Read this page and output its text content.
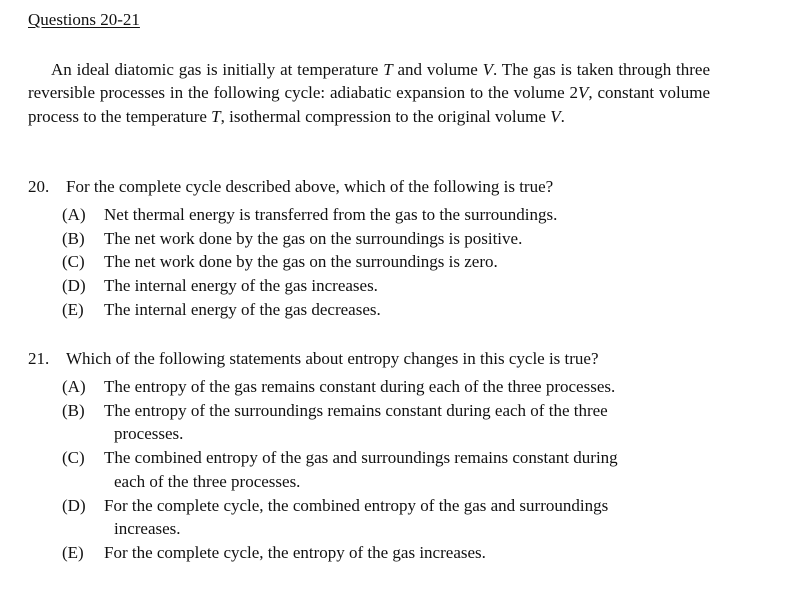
Questions 20-21

An ideal diatomic gas is initially at temperature T and volume V. The gas is taken through three reversible processes in the following cycle: adiabatic expansion to the volume 2V, constant volume process to the temperature T, isothermal compression to the original volume V.

20. For the complete cycle described above, which of the following is true?
(A)	Net thermal energy is transferred from the gas to the surroundings.
(B)	The net work done by the gas on the surroundings is positive.
(C)	The net work done by the gas on the surroundings is zero.
(D)	The internal energy of the gas increases.
(E)	The internal energy of the gas decreases.
21. Which of the following statements about entropy changes in this cycle is true?
(A)	The entropy of the gas remains constant during each of the three processes.
(B)	The entropy of the surroundings remains constant during each of the three
processes.
(C)	The combined entropy of the gas and surroundings remains constant during
each of the three processes.
(D)	For the complete cycle, the combined entropy of the gas and surroundings
increases.
(E)	For the complete cycle, the entropy of the gas increases.
